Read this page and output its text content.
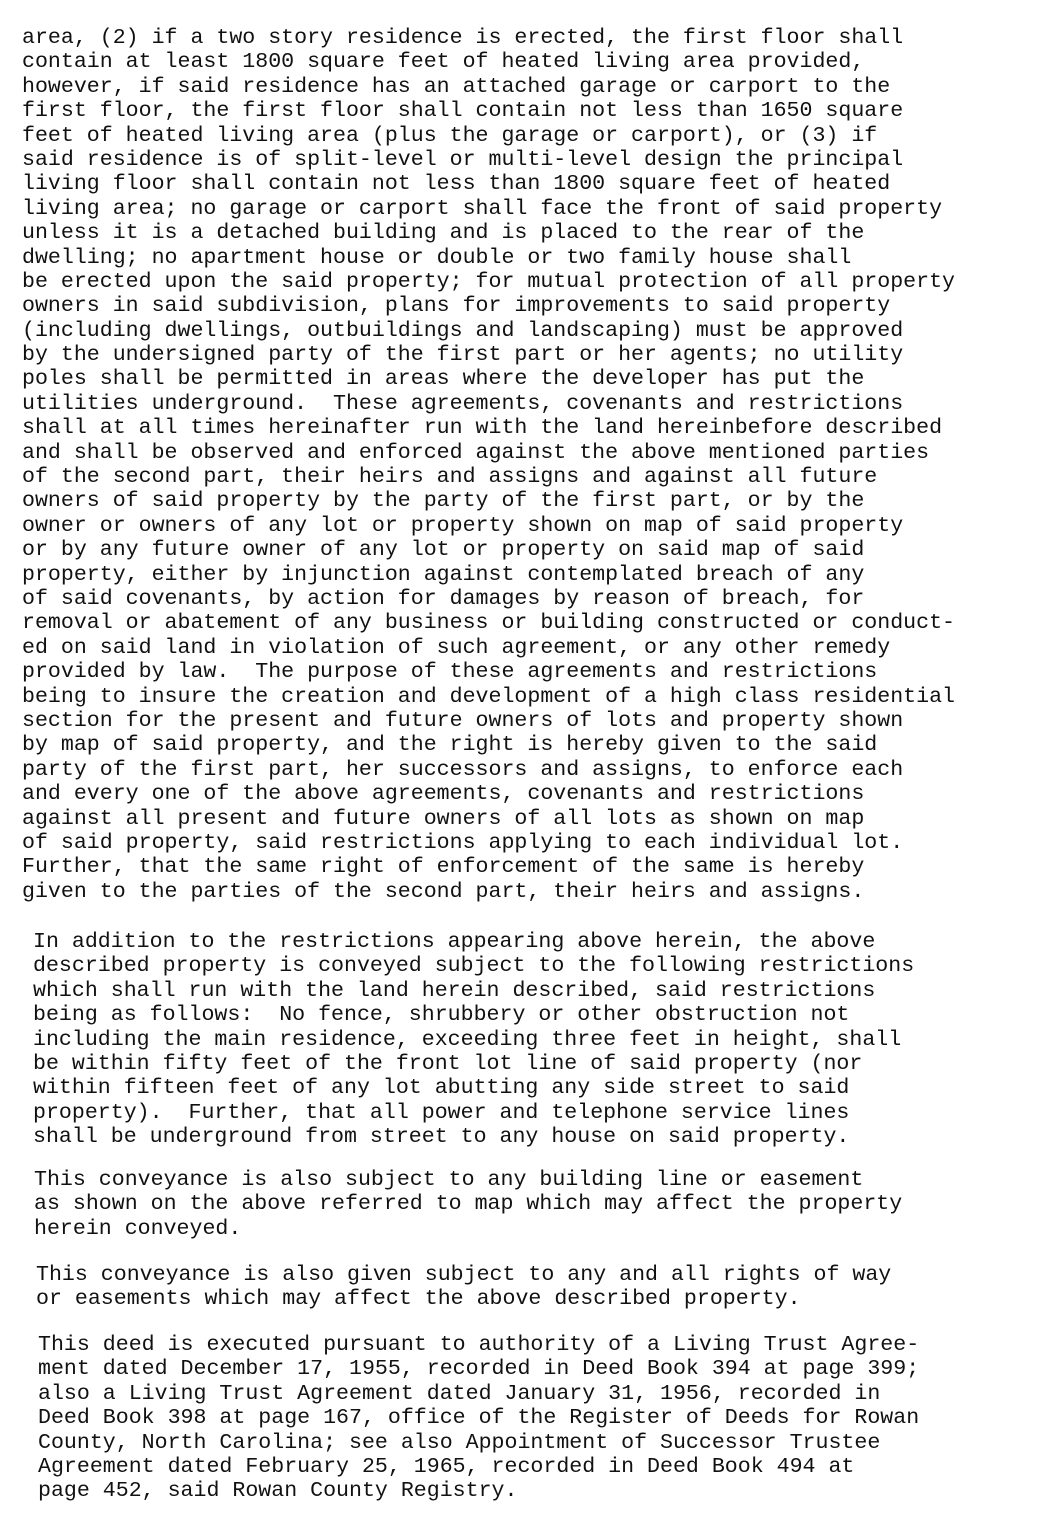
area, (2) if a two story residence is erected, the first floor shall
contain at least 1800 square feet of heated living area provided,
however, if said residence has an attached garage or carport to the
first floor, the first floor shall contain not less than 1650 square
feet of heated living area (plus the garage or carport), or (3) if
said residence is of split-level or multi-level design the principal
living floor shall contain not less than 1800 square feet of heated
living area; no garage or carport shall face the front of said property
unless it is a detached building and is placed to the rear of the
dwelling; no apartment house or double or two family house shall
be erected upon the said property; for mutual protection of all property
owners in said subdivision, plans for improvements to said property
(including dwellings, outbuildings and landscaping) must be approved
by the undersigned party of the first part or her agents; no utility
poles shall be permitted in areas where the developer has put the
utilities underground.  These agreements, covenants and restrictions
shall at all times hereinafter run with the land hereinbefore described
and shall be observed and enforced against the above mentioned parties
of the second part, their heirs and assigns and against all future
owners of said property by the party of the first part, or by the
owner or owners of any lot or property shown on map of said property
or by any future owner of any lot or property on said map of said
property, either by injunction against contemplated breach of any
of said covenants, by action for damages by reason of breach, for
removal or abatement of any business or building constructed or conduct-
ed on said land in violation of such agreement, or any other remedy
provided by law.  The purpose of these agreements and restrictions
being to insure the creation and development of a high class residential
section for the present and future owners of lots and property shown
by map of said property, and the right is hereby given to the said
party of the first part, her successors and assigns, to enforce each
and every one of the above agreements, covenants and restrictions
against all present and future owners of all lots as shown on map
of said property, said restrictions applying to each individual lot.
Further, that the same right of enforcement of the same is hereby
given to the parties of the second part, their heirs and assigns.
In addition to the restrictions appearing above herein, the above
described property is conveyed subject to the following restrictions
which shall run with the land herein described, said restrictions
being as follows:  No fence, shrubbery or other obstruction not
including the main residence, exceeding three feet in height, shall
be within fifty feet of the front lot line of said property (nor
within fifteen feet of any lot abutting any side street to said
property).  Further, that all power and telephone service lines
shall be underground from street to any house on said property.
This conveyance is also subject to any building line or easement
as shown on the above referred to map which may affect the property
herein conveyed.
This conveyance is also given subject to any and all rights of way
or easements which may affect the above described property.
This deed is executed pursuant to authority of a Living Trust Agree-
ment dated December 17, 1955, recorded in Deed Book 394 at page 399;
also a Living Trust Agreement dated January 31, 1956, recorded in
Deed Book 398 at page 167, office of the Register of Deeds for Rowan
County, North Carolina; see also Appointment of Successor Trustee
Agreement dated February 25, 1965, recorded in Deed Book 494 at
page 452, said Rowan County Registry.
